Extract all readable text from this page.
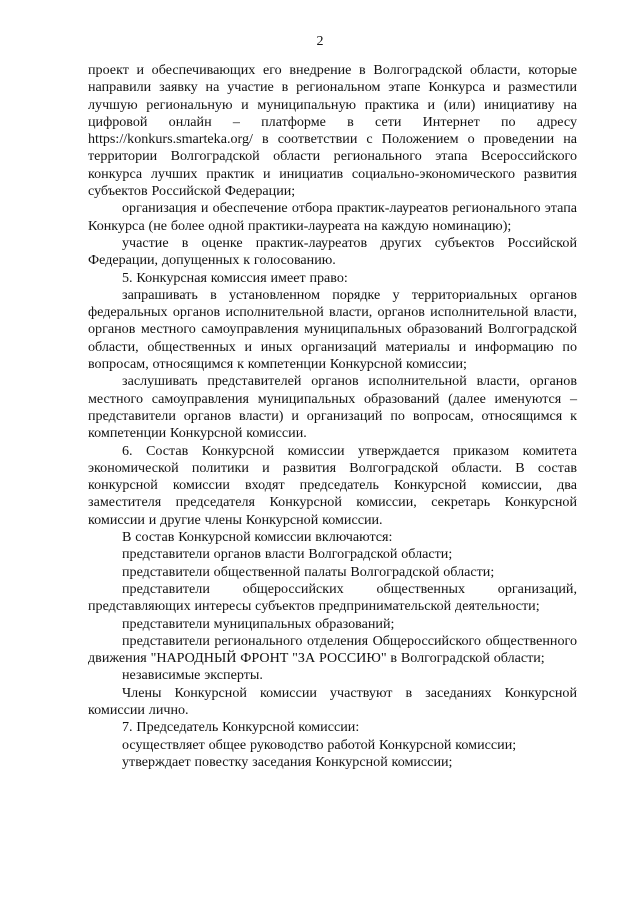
2

проект и обеспечивающих его внедрение в Волгоградской области, которые направили заявку на участие в региональном этапе Конкурса и разместили лучшую региональную и муниципальную практика и (или) инициативу на цифровой онлайн – платформе в сети Интернет по адресу https://konkurs.smarteka.org/ в соответствии с Положением о проведении на территории Волгоградской области регионального этапа Всероссийского конкурса лучших практик и инициатив социально-экономического развития субъектов Российской Федерации;

организация и обеспечение отбора практик-лауреатов регионального этапа Конкурса (не более одной практики-лауреата на каждую номинацию);

участие в оценке практик-лауреатов других субъектов Российской Федерации, допущенных к голосованию.

5. Конкурсная комиссия имеет право:

запрашивать в установленном порядке у территориальных органов федеральных органов исполнительной власти, органов исполнительной власти, органов местного самоуправления муниципальных образований Волгоградской области, общественных и иных организаций материалы и информацию по вопросам, относящимся к компетенции Конкурсной комиссии;

заслушивать представителей органов исполнительной власти, органов местного самоуправления муниципальных образований (далее именуются – представители органов власти) и организаций по вопросам, относящимся к компетенции Конкурсной комиссии.

6. Состав Конкурсной комиссии утверждается приказом комитета экономической политики и развития Волгоградской области. В состав конкурсной комиссии входят председатель Конкурсной комиссии, два заместителя председателя Конкурсной комиссии, секретарь Конкурсной комиссии и другие члены Конкурсной комиссии.

В состав Конкурсной комиссии включаются:

представители органов власти Волгоградской области;

представители общественной палаты Волгоградской области;

представители общероссийских общественных организаций, представляющих интересы субъектов предпринимательской деятельности;

представители муниципальных образований;

представители регионального отделения Общероссийского общественного движения "НАРОДНЫЙ ФРОНТ "ЗА РОССИЮ" в Волгоградской области;

независимые эксперты.

Члены Конкурсной комиссии участвуют в заседаниях Конкурсной комиссии лично.

7. Председатель Конкурсной комиссии:

осуществляет общее руководство работой Конкурсной комиссии;

утверждает повестку заседания Конкурсной комиссии;
